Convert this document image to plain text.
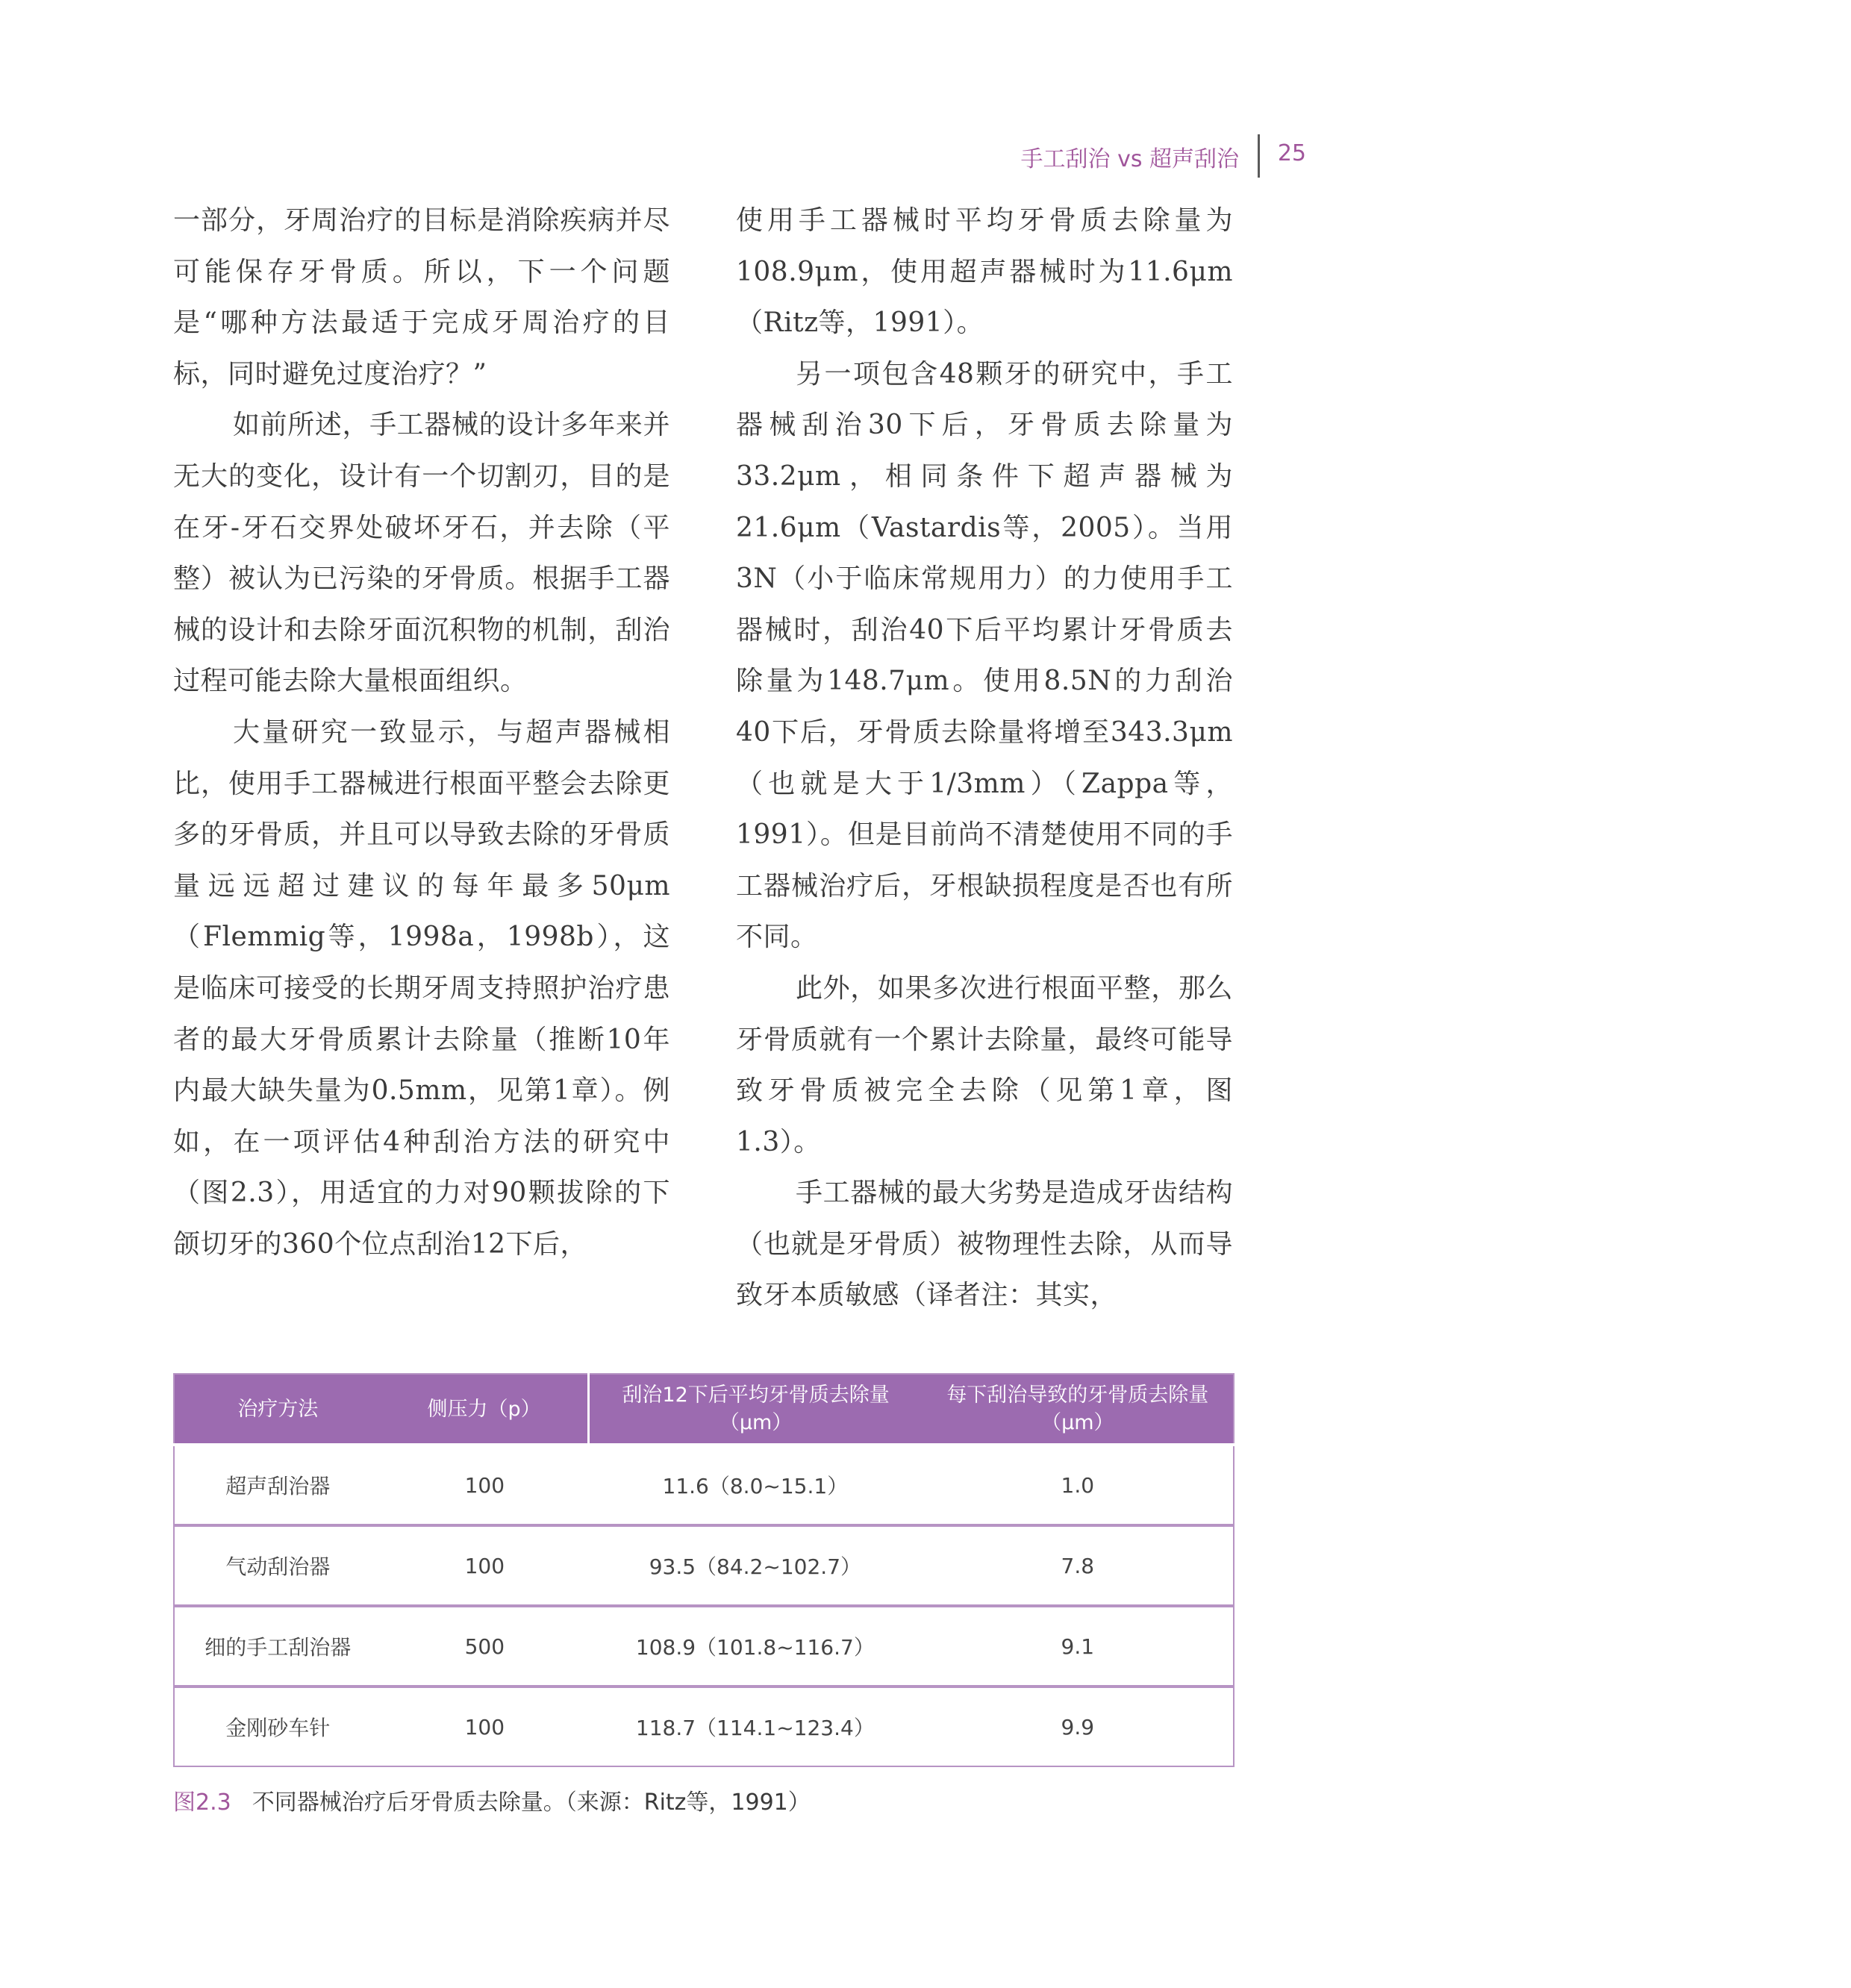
手工刮治 vs 超声刮治 25

一部分，牙周治疗的目标是消除疾病并尽可能保存牙骨质。所以，下一个问题是“哪种方法最适于完成牙周治疗的目标，同时避免过度治疗？”

如前所述，手工器械的设计多年来并无大的变化，设计有一个切割刃，目的是在牙-牙石交界处破坏牙石，并去除（平整）被认为已污染的牙骨质。根据手工器械的设计和去除牙面沉积物的机制，刮治过程可能去除大量根面组织。

大量研究一致显示，与超声器械相比，使用手工器械进行根面平整会去除更多的牙骨质，并且可以导致去除的牙骨质量远远超过建议的每年最多50μm（Flemmig等，1998a，1998b），这是临床可接受的长期牙周支持照护治疗患者的最大牙骨质累计去除量（推断10年内最大缺失量为0.5mm，见第1章）。例如，在一项评估4种刮治方法的研究中（图2.3），用适宜的力对90颗拔除的下颌切牙的360个位点刮治12下后，

使用手工器械时平均牙骨质去除量为108.9μm，使用超声器械时为11.6μm（Ritz等，1991）。

另一项包含48颗牙的研究中，手工器械刮治30下后，牙骨质去除量为33.2μm，相同条件下超声器械为21.6μm（Vastardis等，2005）。当用3N（小于临床常规用力）的力使用手工器械时，刮治40下后平均累计牙骨质去除量为148.7μm。使用8.5N的力刮治40下后，牙骨质去除量将增至343.3μm（也就是大于1/3mm）（Zappa等，1991）。但是目前尚不清楚使用不同的手工器械治疗后，牙根缺损程度是否也有所不同。

此外，如果多次进行根面平整，那么牙骨质就有一个累计去除量，最终可能导致牙骨质被完全去除（见第1章，图1.3）。

手工器械的最大劣势是造成牙齿结构（也就是牙骨质）被物理性去除，从而导致牙本质敏感（译者注：其实，

治疗方法	侧压力（p）	刮治12下后平均牙骨质去除量（μm）	每下刮治导致的牙骨质去除量（μm）
超声刮治器	100	11.6（8.0~15.1）	1.0
气动刮治器	100	93.5（84.2~102.7）	7.8
细的手工刮治器	500	108.9（101.8~116.7）	9.1
金刚砂车针	100	118.7（114.1~123.4）	9.9
图2.3 不同器械治疗后牙骨质去除量。（来源：Ritz等，1991）
